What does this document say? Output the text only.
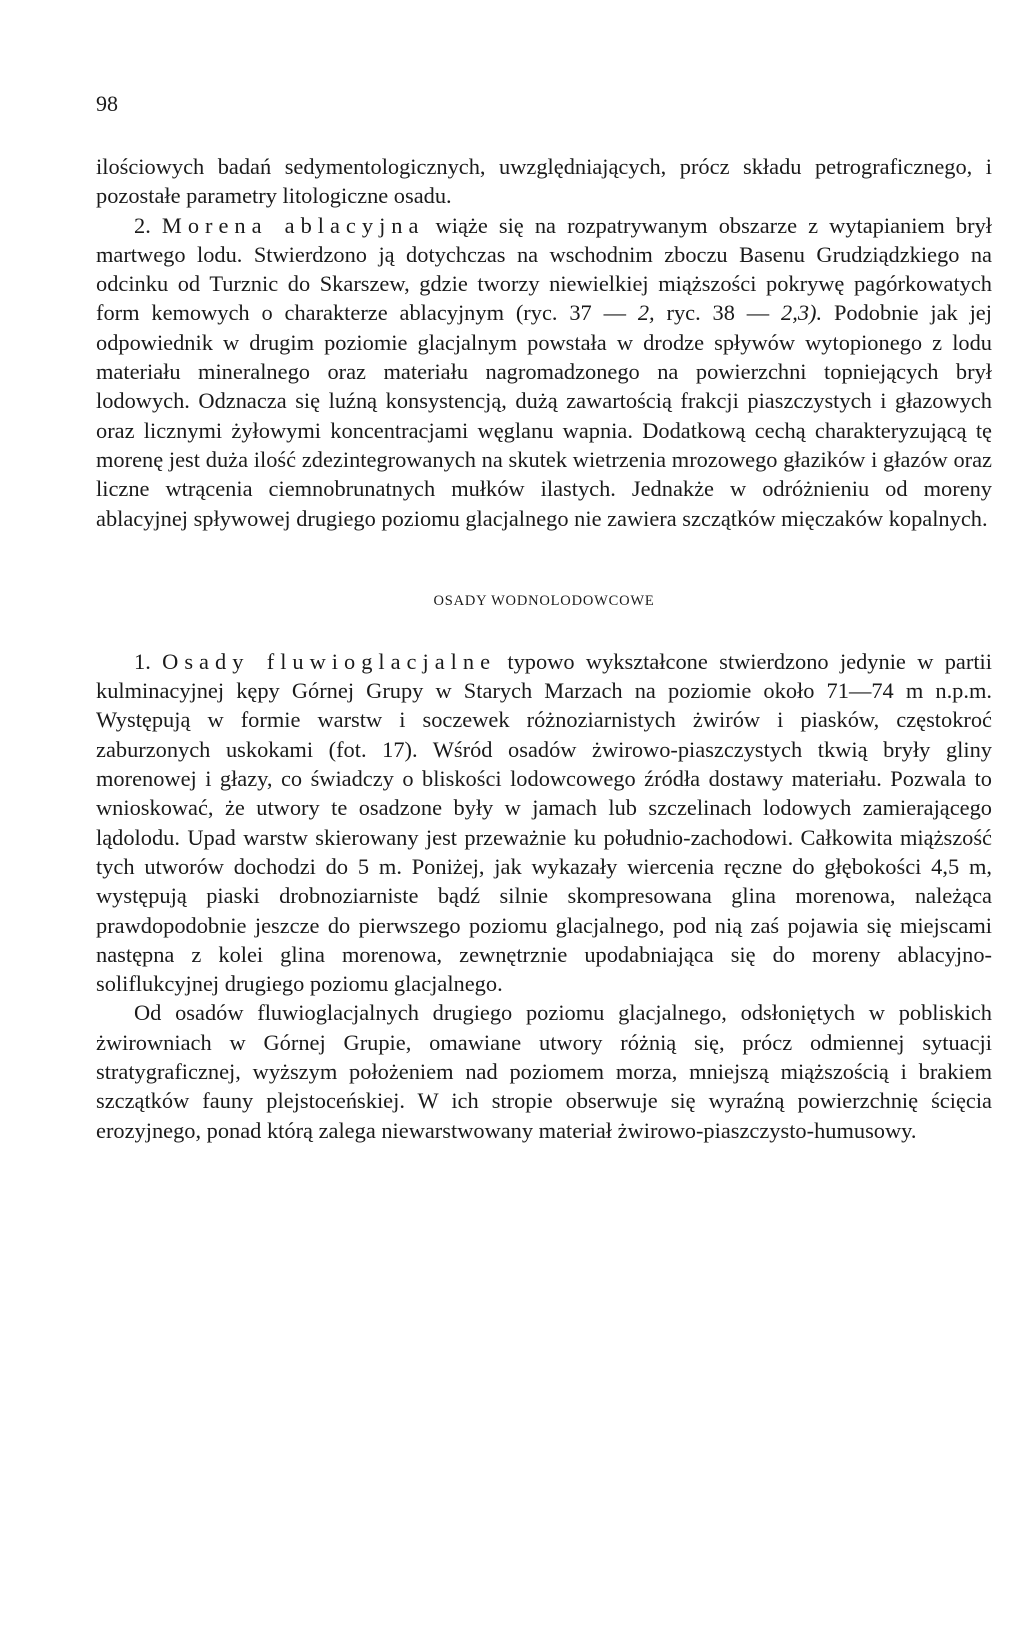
98

ilościowych badań sedymentologicznych, uwzględniających, prócz składu petrograficznego, i pozostałe parametry litologiczne osadu.

2. Morena ablacyjna wiąże się na rozpatrywanym obszarze z wytapianiem brył martwego lodu. Stwierdzono ją dotychczas na wschodnim zboczu Basenu Grudziądzkiego na odcinku od Turznic do Skarszew, gdzie tworzy niewielkiej miąższości pokrywę pagórkowatych form kemowych o charakterze ablacyjnym (ryc. 37 — 2, ryc. 38 — 2,3). Podobnie jak jej odpowiednik w drugim poziomie glacjalnym powstała w drodze spływów wytopionego z lodu materiału mineralnego oraz materiału nagromadzonego na powierzchni topniejących brył lodowych. Odznacza się luźną konsystencją, dużą zawartością frakcji piaszczystych i głazowych oraz licznymi żyłowymi koncentracjami węglanu wapnia. Dodatkową cechą charakteryzującą tę morenę jest duża ilość zdezintegrowanych na skutek wietrzenia mrozowego głazików i głazów oraz liczne wtrącenia ciemnobrunatnych mułków ilastych. Jednakże w odróżnieniu od moreny ablacyjnej spływowej drugiego poziomu glacjalnego nie zawiera szczątków mięczaków kopalnych.

OSADY WODNOLODOWCOWE

1. Osady fluwioglacjalne typowo wykształcone stwierdzono jedynie w partii kulminacyjnej kępy Górnej Grupy w Starych Marzach na poziomie około 71—74 m n.p.m. Występują w formie warstw i soczewek różnoziarnistych żwirów i piasków, częstokroć zaburzonych uskokami (fot. 17). Wśród osadów żwirowo-piaszczystych tkwią bryły gliny morenowej i głazy, co świadczy o bliskości lodowcowego źródła dostawy materiału. Pozwala to wnioskować, że utwory te osadzone były w jamach lub szczelinach lodowych zamierającego lądolodu. Upad warstw skierowany jest przeważnie ku południo-zachodowi. Całkowita miąższość tych utworów dochodzi do 5 m. Poniżej, jak wykazały wiercenia ręczne do głębokości 4,5 m, występują piaski drobnoziarniste bądź silnie skompresowana glina morenowa, należąca prawdopodobnie jeszcze do pierwszego poziomu glacjalnego, pod nią zaś pojawia się miejscami następna z kolei glina morenowa, zewnętrznie upodabniająca się do moreny ablacyjno-soliflukcyjnej drugiego poziomu glacjalnego.

Od osadów fluwioglacjalnych drugiego poziomu glacjalnego, odsłoniętych w pobliskich żwirowniach w Górnej Grupie, omawiane utwory różnią się, prócz odmiennej sytuacji stratygraficznej, wyższym położeniem nad poziomem morza, mniejszą miąższością i brakiem szczątków fauny plejstoceńskiej. W ich stropie obserwuje się wyraźną powierzchnię ścięcia erozyjnego, ponad którą zalega niewarstwowany materiał żwirowo-piaszczysto-humusowy.
